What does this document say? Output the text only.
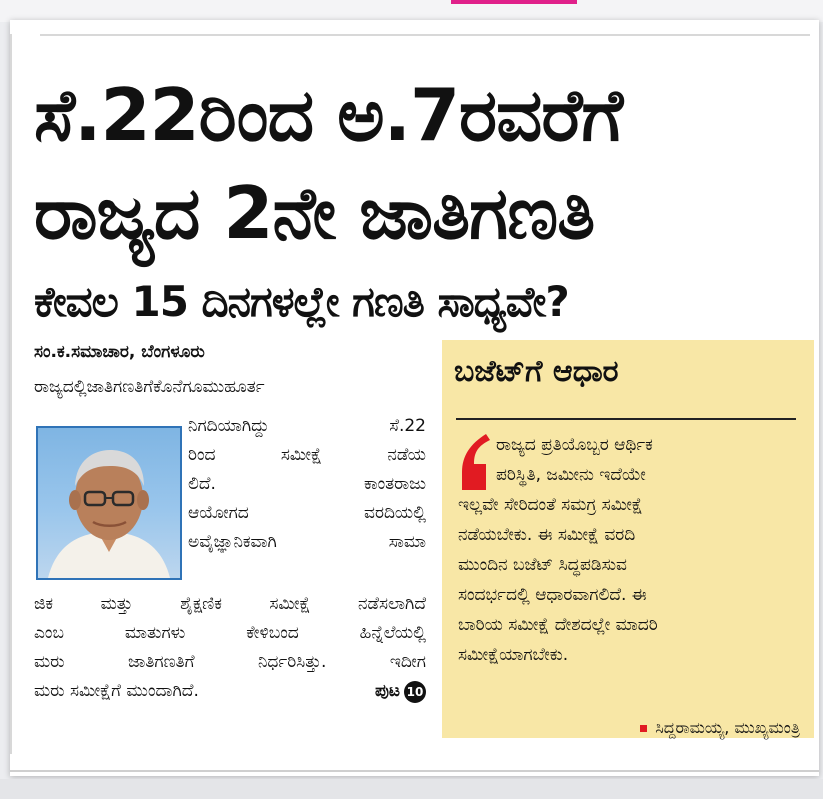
ಸೆ.22ರಿಂದ ಅ.7ರವರೆಗೆ
ರಾಜ್ಯದ 2ನೇ ಜಾತಿಗಣತಿ
ಕೇವಲ 15 ದಿನಗಳಲ್ಲೇ ಗಣತಿ ಸಾಧ್ಯವೇ?
ಸಂ.ಕ.ಸಮಾಚಾರ, ಬೆಂಗಳೂರು
ರಾಜ್ಯದಲ್ಲಿಜಾತಿಗಣತಿಗೆಕೊನೆಗೂಮುಹೂರ್ತ
ನಿಗದಿಯಾಗಿದ್ದು ಸೆ.22
ರಿಂದ ಸಮೀಕ್ಷೆ ನಡೆಯ
ಲಿದೆ. ಕಾಂತರಾಜು
ಆಯೋಗದ ವರದಿಯಲ್ಲಿ
ಅವೈಜ್ಞಾನಿಕವಾಗಿ ಸಾಮಾ
ಜಿಕ ಮತ್ತು ಶೈಕ್ಷಣಿಕ ಸಮೀಕ್ಷೆ ನಡೆಸಲಾಗಿದೆ
ಎಂಬ ಮಾತುಗಳು ಕೇಳಿಬಂದ ಹಿನ್ನೆಲೆಯಲ್ಲಿ
ಮರು ಜಾತಿಗಣತಿಗೆ ನಿರ್ಧರಿಸಿತ್ತು. ಇದೀಗ
ಮರು ಸಮೀಕ್ಷೆಗೆ ಮುಂದಾಗಿದೆ.	ಪುಟ 10
ಬಜೆಟ್‌ಗೆ ಆಧಾರ
ರಾಜ್ಯದ ಪ್ರತಿಯೊಬ್ಬರ ಆರ್ಥಿಕ
ಪರಿಸ್ಥಿತಿ, ಜಮೀನು ಇದೆಯೇ
ಇಲ್ಲವೇ ಸೇರಿದಂತೆ ಸಮಗ್ರ ಸಮೀಕ್ಷೆ
ನಡೆಯಬೇಕು. ಈ ಸಮೀಕ್ಷೆ ವರದಿ
ಮುಂದಿನ ಬಜೆಟ್ ಸಿದ್ಧಪಡಿಸುವ
ಸಂದರ್ಭದಲ್ಲಿ ಆಧಾರವಾಗಲಿದೆ. ಈ
ಬಾರಿಯ ಸಮೀಕ್ಷೆ ದೇಶದಲ್ಲೇ ಮಾದರಿ
ಸಮೀಕ್ಷೆಯಾಗಬೇಕು.
ಸಿದ್ದರಾಮಯ್ಯ, ಮುಖ್ಯಮಂತ್ರಿ
